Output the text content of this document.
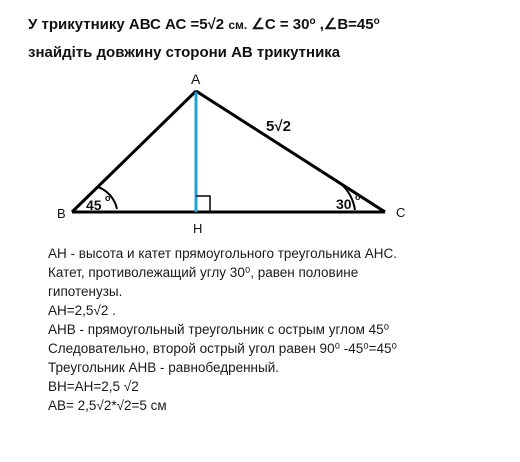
У трикутнику АВС АС =5√2 см. ∠С = $30^о$ $,\angle В=45^о$
знайдіть довжину сторони АВ трикутника
A
B	C
H
5√2
45 o	30 o
AH - высота и катет прямоугольного треугольника AHC.
Катет, противолежащий углу 30⁰, равен половине
гипотенузы.
AH=2,5√2 .
AHB - прямоугольный треугольник с острым углом 45⁰
Следовательно, второй острый угол равен 90⁰ -45⁰=45⁰
Треугольник AHB - равнобедренный.
BH=AH=2,5 √2
AB= 2,5√2*√2=5 см
